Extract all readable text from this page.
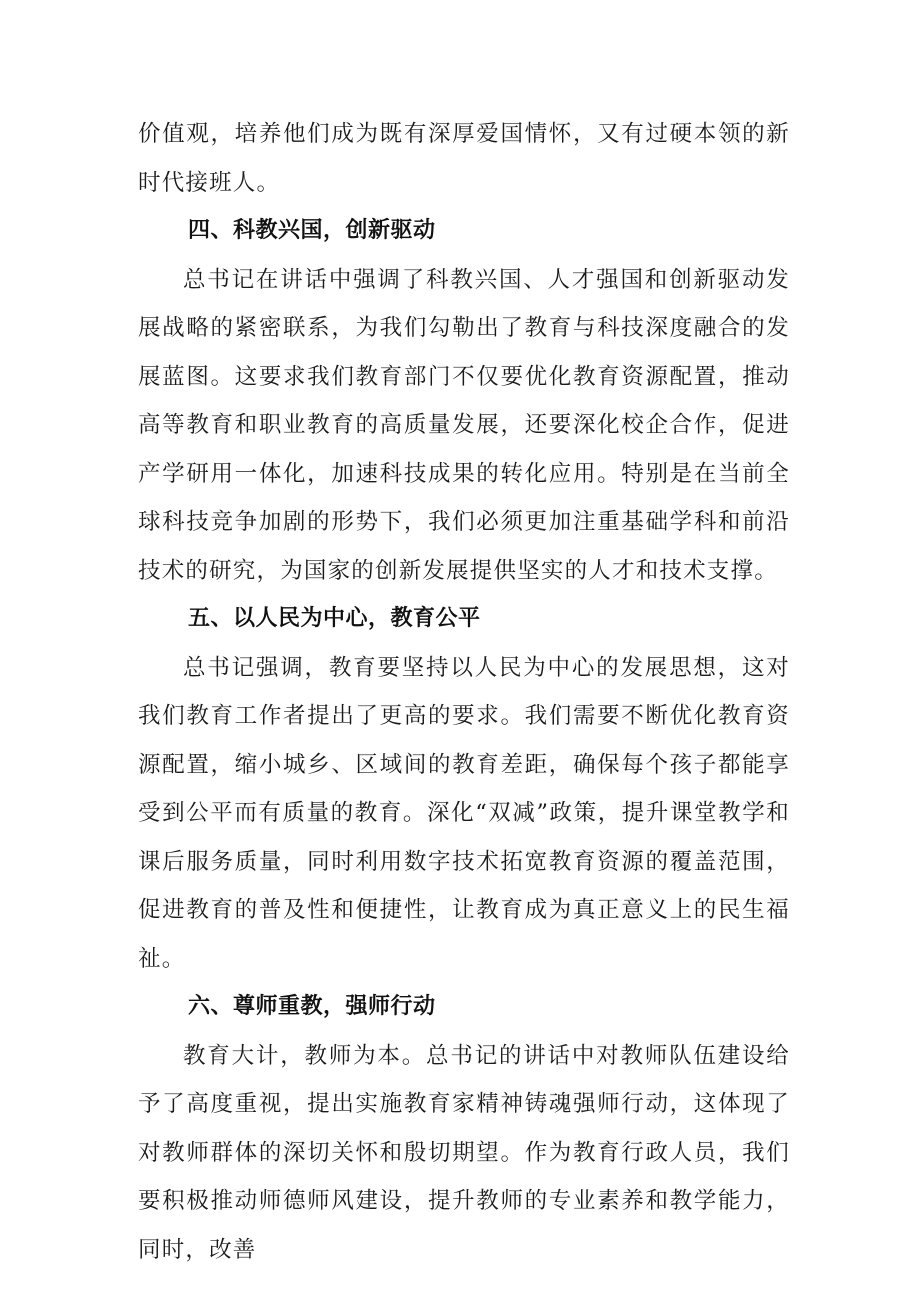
价值观，培养他们成为既有深厚爱国情怀，又有过硬本领的新时代接班人。

四、科教兴国，创新驱动

总书记在讲话中强调了科教兴国、人才强国和创新驱动发展战略的紧密联系，为我们勾勒出了教育与科技深度融合的发展蓝图。这要求我们教育部门不仅要优化教育资源配置，推动高等教育和职业教育的高质量发展，还要深化校企合作，促进产学研用一体化，加速科技成果的转化应用。特别是在当前全球科技竞争加剧的形势下，我们必须更加注重基础学科和前沿技术的研究，为国家的创新发展提供坚实的人才和技术支撑。

五、以人民为中心，教育公平

总书记强调，教育要坚持以人民为中心的发展思想，这对我们教育工作者提出了更高的要求。我们需要不断优化教育资源配置，缩小城乡、区域间的教育差距，确保每个孩子都能享受到公平而有质量的教育。深化“双减”政策，提升课堂教学和课后服务质量，同时利用数字技术拓宽教育资源的覆盖范围，促进教育的普及性和便捷性，让教育成为真正意义上的民生福祉。

六、尊师重教，强师行动

教育大计，教师为本。总书记的讲话中对教师队伍建设给予了高度重视，提出实施教育家精神铸魂强师行动，这体现了对教师群体的深切关怀和殷切期望。作为教育行政人员，我们要积极推动师德师风建设，提升教师的专业素养和教学能力，同时，改善
